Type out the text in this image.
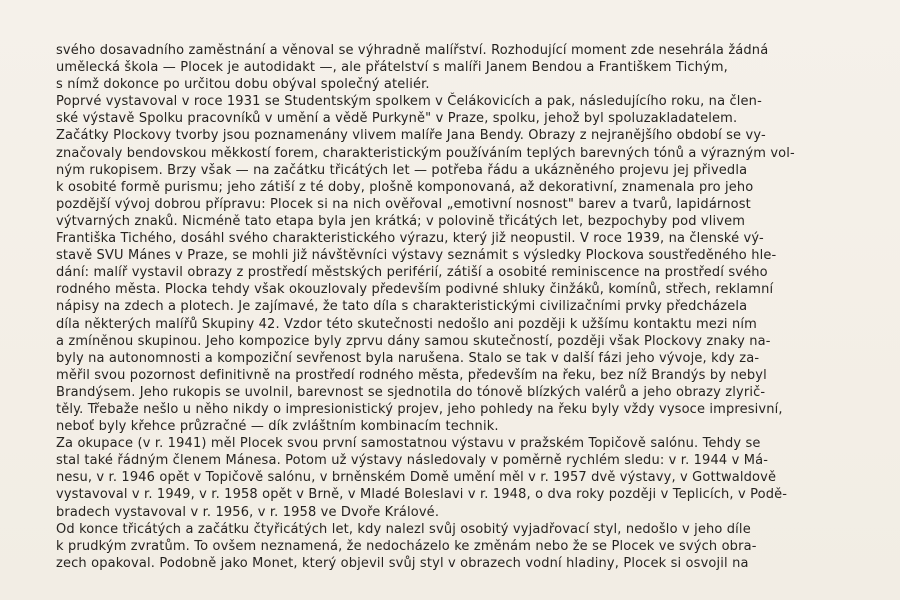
svého dosavadního zaměstnání a věnoval se výhradně malířství. Rozhodující moment zde nesehrála žádná
umělecká škola — Plocek je autodidakt —, ale přátelství s malíři Janem Bendou a Františkem Tichým,
s nímž dokonce po určitou dobu obýval společný ateliér.
Poprvé vystavoval v roce 1931 se Studentským spolkem v Čelákovicích a pak, následujícího roku, na člen-
ské výstavě Spolku pracovníků v umění a vědě Purkyně" v Praze, spolku, jehož byl spoluzakladatelem.
Začátky Plockovy tvorby jsou poznamenány vlivem malíře Jana Bendy. Obrazy z nejranějšího období se vy-
značovaly bendovskou měkkostí forem, charakteristickým používáním teplých barevných tónů a výrazným vol-
ným rukopisem. Brzy však — na začátku třicátých let — potřeba řádu a ukázněného projevu jej přivedla
k osobité formě purismu; jeho zátiší z té doby, plošně komponovaná, až dekorativní, znamenala pro jeho
pozdější vývoj dobrou přípravu: Plocek si na nich ověřoval „emotivní nosnost" barev a tvarů, lapidárnost
výtvarných znaků. Nicméně tato etapa byla jen krátká; v polovině třicátých let, bezpochyby pod vlivem
Františka Tichého, dosáhl svého charakteristického výrazu, který již neopustil. V roce 1939, na členské vý-
stavě SVU Mánes v Praze, se mohli již návštěvníci výstavy seznámit s výsledky Plockova soustředěného hle-
dání: malíř vystavil obrazy z prostředí městských periférií, zátiší a osobité reminiscence na prostředí svého
rodného města. Plocka tehdy však okouzlovaly především podivné shluky činžáků, komínů, střech, reklamní
nápisy na zdech a plotech. Je zajímavé, že tato díla s charakteristickými civilizačními prvky předcházela
díla některých malířů Skupiny 42. Vzdor této skutečnosti nedošlo ani později k užšímu kontaktu mezi ním
a zmíněnou skupinou. Jeho kompozice byly zprvu dány samou skutečností, později však Plockovy znaky na-
byly na autonomnosti a kompoziční sevřenost byla narušena. Stalo se tak v další fázi jeho vývoje, kdy za-
měřil svou pozornost definitivně na prostředí rodného města, především na řeku, bez níž Brandýs by nebyl
Brandýsem. Jeho rukopis se uvolnil, barevnost se sjednotila do tónově blízkých valérů a jeho obrazy zlyrič-
těly. Třebaže nešlo u něho nikdy o impresionistický projev, jeho pohledy na řeku byly vždy vysoce impresivní,
neboť byly křehce průzračné — dík zvláštním kombinacím technik.
Za okupace (v r. 1941) měl Plocek svou první samostatnou výstavu v pražském Topičově salónu. Tehdy se
stal také řádným členem Mánesa. Potom už výstavy následovaly v poměrně rychlém sledu: v r. 1944 v Má-
nesu, v r. 1946 opět v Topičově salónu, v brněnském Domě umění měl v r. 1957 dvě výstavy, v Gottwaldově
vystavoval v r. 1949, v r. 1958 opět v Brně, v Mladé Boleslavi v r. 1948, o dva roky později v Teplicích, v Podě-
bradech vystavoval v r. 1956, v r. 1958 ve Dvoře Králové.
Od konce třicátých a začátku čtyřicátých let, kdy nalezl svůj osobitý vyjadřovací styl, nedošlo v jeho díle
k prudkým zvratům. To ovšem neznamená, že nedocházelo ke změnám nebo že se Plocek ve svých obra-
zech opakoval. Podobně jako Monet, který objevil svůj styl v obrazech vodní hladiny, Plocek si osvojil na
